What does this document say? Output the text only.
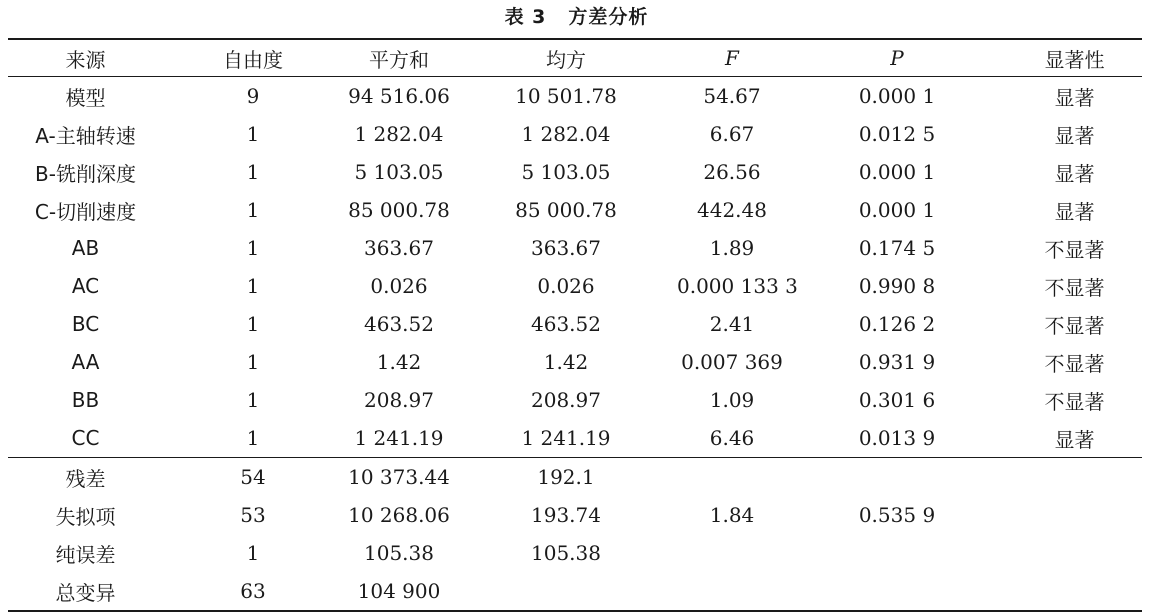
表 3 方差分析
来源	自由度	平方和	均方	F	P	显著性
模型	9	94 516.06	10 501.78	54.67	0.000 1	显著
A-主轴转速	1	1 282.04	1 282.04	6.67	0.012 5	显著
B-铣削深度	1	5 103.05	5 103.05	26.56	0.000 1	显著
C-切削速度	1	85 000.78	85 000.78	442.48	0.000 1	显著
AB	1	363.67	363.67	1.89	0.174 5	不显著
AC	1	0.026	0.026	0.000 133 3	0.990 8	不显著
BC	1	463.52	463.52	2.41	0.126 2	不显著
AA	1	1.42	1.42	0.007 369	0.931 9	不显著
BB	1	208.97	208.97	1.09	0.301 6	不显著
CC	1	1 241.19	1 241.19	6.46	0.013 9	显著
残差	54	10 373.44	192.1			
失拟项	53	10 268.06	193.74	1.84	0.535 9	
纯误差	1	105.38	105.38			
总变异	63	104 900				
